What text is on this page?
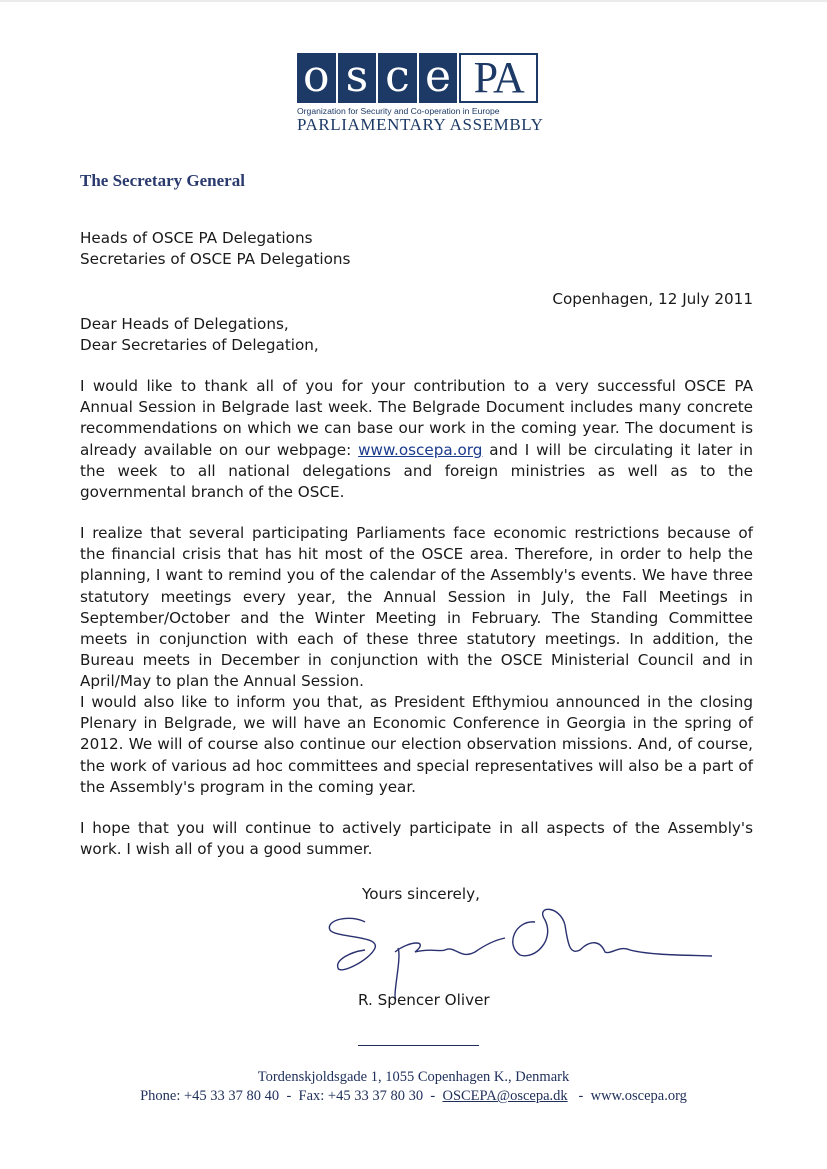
o s c e PA
Organization for Security and Co-operation in Europe
PARLIAMENTARY ASSEMBLY
The Secretary General
Heads of OSCE PA Delegations
Secretaries of OSCE PA Delegations
Copenhagen, 12 July 2011
Dear Heads of Delegations,
Dear Secretaries of Delegation,
I would like to thank all of you for your contribution to a very successful OSCE PA Annual Session in Belgrade last week. The Belgrade Document includes many concrete recommendations on which we can base our work in the coming year. The document is already available on our webpage: www.oscepa.org and I will be circulating it later in the week to all national delegations and foreign ministries as well as to the governmental branch of the OSCE.
I realize that several participating Parliaments face economic restrictions because of the financial crisis that has hit most of the OSCE area. Therefore, in order to help the planning, I want to remind you of the calendar of the Assembly's events. We have three statutory meetings every year, the Annual Session in July, the Fall Meetings in September/October and the Winter Meeting in February. The Standing Committee meets in conjunction with each of these three statutory meetings. In addition, the Bureau meets in December in conjunction with the OSCE Ministerial Council and in April/May to plan the Annual Session.
I would also like to inform you that, as President Efthymiou announced in the closing Plenary in Belgrade, we will have an Economic Conference in Georgia in the spring of 2012. We will of course also continue our election observation missions. And, of course, the work of various ad hoc committees and special representatives will also be a part of the Assembly's program in the coming year.
I hope that you will continue to actively participate in all aspects of the Assembly's work. I wish all of you a good summer.
Yours sincerely,
R. Spencer Oliver
Tordenskjoldsgade 1, 1055 Copenhagen K., Denmark
Phone: +45 33 37 80 40 - Fax: +45 33 37 80 30 - OSCEPA@oscepa.dk - www.oscepa.org
